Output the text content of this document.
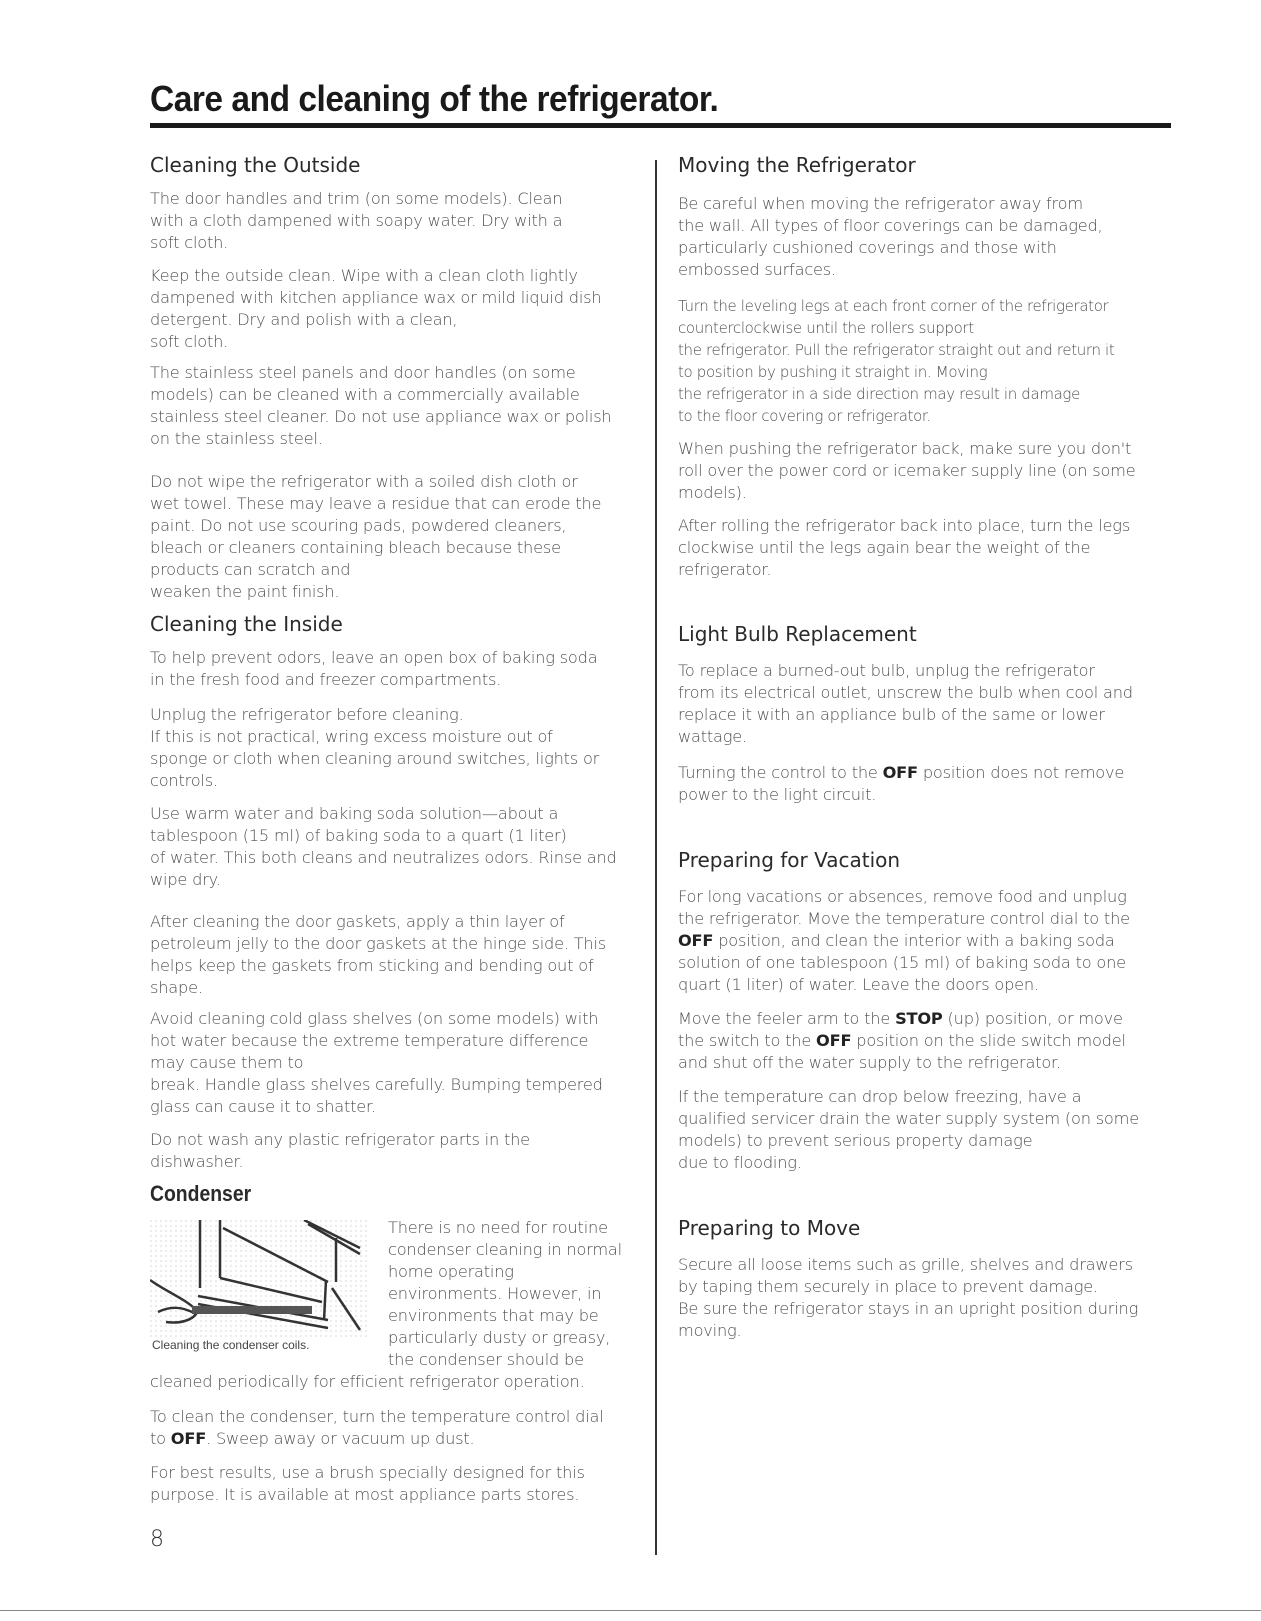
Care and cleaning of the refrigerator.
Cleaning the Outside

The door handles and trim (on some models). Clean
with a cloth dampened with soapy water. Dry with a
soft cloth.

Keep the outside clean. Wipe with a clean cloth lightly
dampened with kitchen appliance wax or mild liquid dish
detergent. Dry and polish with a clean,
soft cloth.

The stainless steel panels and door handles (on some
models) can be cleaned with a commercially available
stainless steel cleaner. Do not use appliance wax or polish
on the stainless steel.

Do not wipe the refrigerator with a soiled dish cloth or
wet towel. These may leave a residue that can erode the
paint. Do not use scouring pads, powdered cleaners,
bleach or cleaners containing bleach because these
products can scratch and
weaken the paint finish.

Cleaning the Inside

To help prevent odors, leave an open box of baking soda
in the fresh food and freezer compartments.

Unplug the refrigerator before cleaning.
If this is not practical, wring excess moisture out of
sponge or cloth when cleaning around switches, lights or
controls.

Use warm water and baking soda solution—about a
tablespoon (15 ml) of baking soda to a quart (1 liter)
of water. This both cleans and neutralizes odors. Rinse and
wipe dry.

After cleaning the door gaskets, apply a thin layer of
petroleum jelly to the door gaskets at the hinge side. This
helps keep the gaskets from sticking and bending out of
shape.

Avoid cleaning cold glass shelves (on some models) with
hot water because the extreme temperature difference
may cause them to
break. Handle glass shelves carefully. Bumping tempered
glass can cause it to shatter.

Do not wash any plastic refrigerator parts in the
dishwasher.

Condenser

There is no need for routine
condenser cleaning in normal
home operating
environments. However, in
environments that may be
particularly dusty or greasy,
the condenser should be

cleaned periodically for efficient refrigerator operation.

To clean the condenser, turn the temperature control dial
to OFF. Sweep away or vacuum up dust.

For best results, use a brush specially designed for this
purpose. It is available at most appliance parts stores.

Cleaning the condenser coils.
8
Moving the Refrigerator

Be careful when moving the refrigerator away from
the wall. All types of floor coverings can be damaged,
particularly cushioned coverings and those with
embossed surfaces.

Turn the leveling legs at each front corner of the refrigerator
counterclockwise until the rollers support
the refrigerator. Pull the refrigerator straight out and return it
to position by pushing it straight in. Moving
the refrigerator in a side direction may result in damage
to the floor covering or refrigerator.

When pushing the refrigerator back, make sure you don't
roll over the power cord or icemaker supply line (on some
models).

After rolling the refrigerator back into place, turn the legs
clockwise until the legs again bear the weight of the
refrigerator.

Light Bulb Replacement

To replace a burned-out bulb, unplug the refrigerator
from its electrical outlet, unscrew the bulb when cool and
replace it with an appliance bulb of the same or lower
wattage.

Turning the control to the OFF position does not remove
power to the light circuit.

Preparing for Vacation

For long vacations or absences, remove food and unplug
the refrigerator. Move the temperature control dial to the
OFF position, and clean the interior with a baking soda
solution of one tablespoon (15 ml) of baking soda to one
quart (1 liter) of water. Leave the doors open.

Move the feeler arm to the STOP (up) position, or move
the switch to the OFF position on the slide switch model
and shut off the water supply to the refrigerator.

If the temperature can drop below freezing, have a
qualified servicer drain the water supply system (on some
models) to prevent serious property damage
due to flooding.

Preparing to Move

Secure all loose items such as grille, shelves and drawers
by taping them securely in place to prevent damage.
Be sure the refrigerator stays in an upright position during
moving.
